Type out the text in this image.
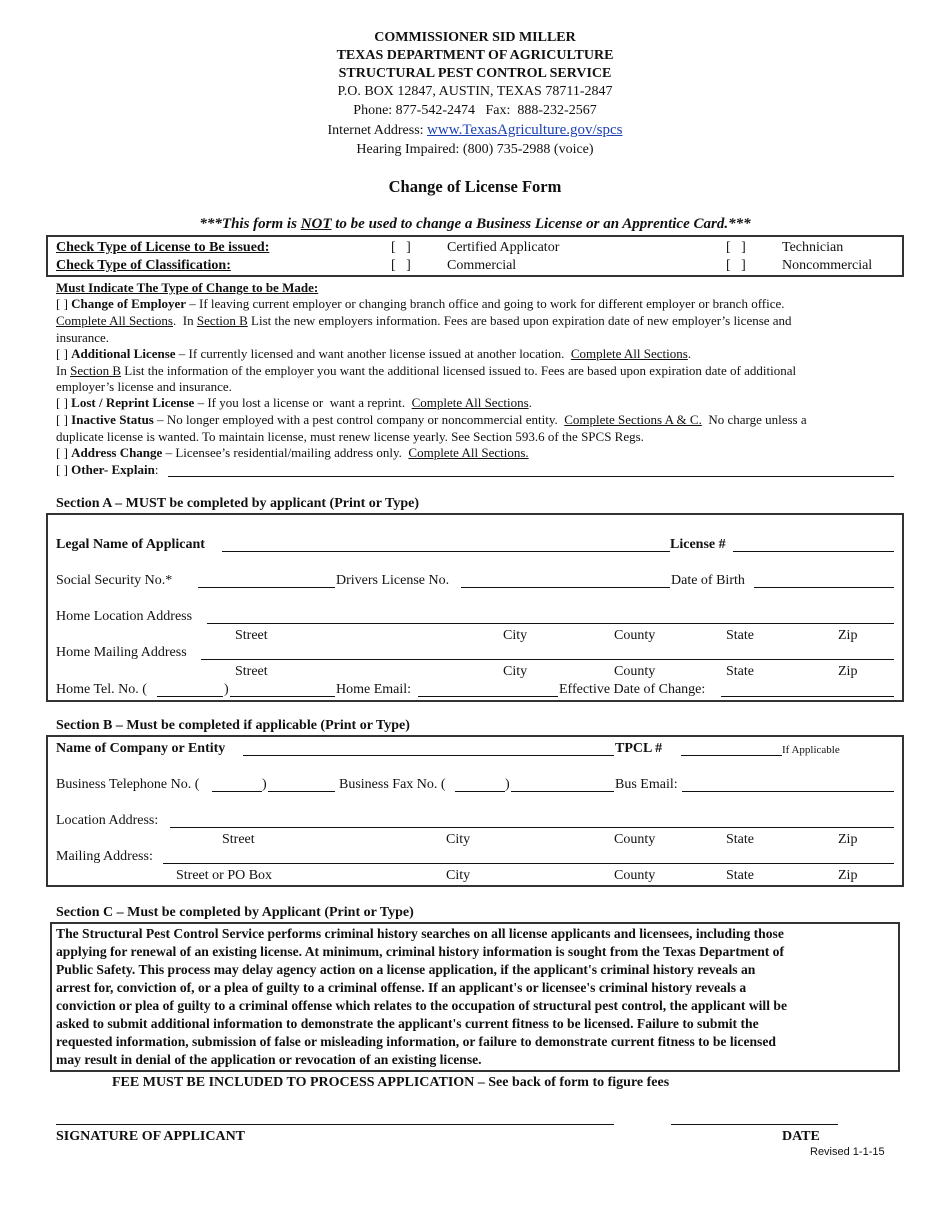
COMMISSIONER SID MILLER
TEXAS DEPARTMENT OF AGRICULTURE
STRUCTURAL PEST CONTROL SERVICE
P.O. BOX 12847, AUSTIN, TEXAS 78711-2847
Phone: 877-542-2474   Fax:  888-232-2567
Internet Address: www.TexasAgriculture.gov/spcs
Hearing Impaired: (800) 735-2988 (voice)
Change of License Form
***This form is NOT to be used to change a Business License or an Apprentice Card.***
Check Type of License to Be issued:	[   ]	Certified Applicator	[   ]	Technician
Check Type of Classification:	[   ]	Commercial	[   ]	Noncommercial
Must Indicate The Type of Change to be Made:
[ ] Change of Employer – If leaving current employer or changing branch office and going to work for different employer or branch office.
Complete All Sections.  In Section B List the new employers information. Fees are based upon expiration date of new employer’s license and
insurance.
[ ] Additional License – If currently licensed and want another license issued at another location.  Complete All Sections.
In Section B List the information of the employer you want the additional licensed issued to. Fees are based upon expiration date of additional
employer’s license and insurance.
[ ] Lost / Reprint License – If you lost a license or  want a reprint.  Complete All Sections.
[ ] Inactive Status – No longer employed with a pest control company or noncommercial entity.  Complete Sections A & C.  No charge unless a
duplicate license is wanted. To maintain license, must renew license yearly. See Section 593.6 of the SPCS Regs.
[ ] Address Change – Licensee’s residential/mailing address only.  Complete All Sections.
[ ] Other- Explain:
Section A – MUST be completed by applicant (Print or Type)
Legal Name of Applicant	License #
Social Security No.*	Drivers License No.	Date of Birth
Home Location Address
Street	City	County	State	Zip
Home Mailing Address
Street	City	County	State	Zip
Home Tel. No. (	)	Home Email:	Effective Date of Change:
Section B – Must be completed if applicable (Print or Type)
Name of Company or Entity	TPCL #	If Applicable
Business Telephone No. (	)	Business Fax No. (	)	Bus Email:
Location Address:
Street	City	County	State	Zip
Mailing Address:
Street or PO Box	City	County	State	Zip
Section C – Must be completed by Applicant (Print or Type)
The Structural Pest Control Service performs criminal history searches on all license applicants and licensees, including those
applying for renewal of an existing license. At minimum, criminal history information is sought from the Texas Department of
Public Safety. This process may delay agency action on a license application, if the applicant's criminal history reveals an
arrest for, conviction of, or a plea of guilty to a criminal offense. If an applicant's or licensee's criminal history reveals a
conviction or plea of guilty to a criminal offense which relates to the occupation of structural pest control, the applicant will be
asked to submit additional information to demonstrate the applicant's current fitness to be licensed. Failure to submit the
requested information, submission of false or misleading information, or failure to demonstrate current fitness to be licensed
may result in denial of the application or revocation of an existing license.
FEE MUST BE INCLUDED TO PROCESS APPLICATION – See back of form to figure fees
SIGNATURE OF APPLICANT	DATE
Revised 1-1-15
